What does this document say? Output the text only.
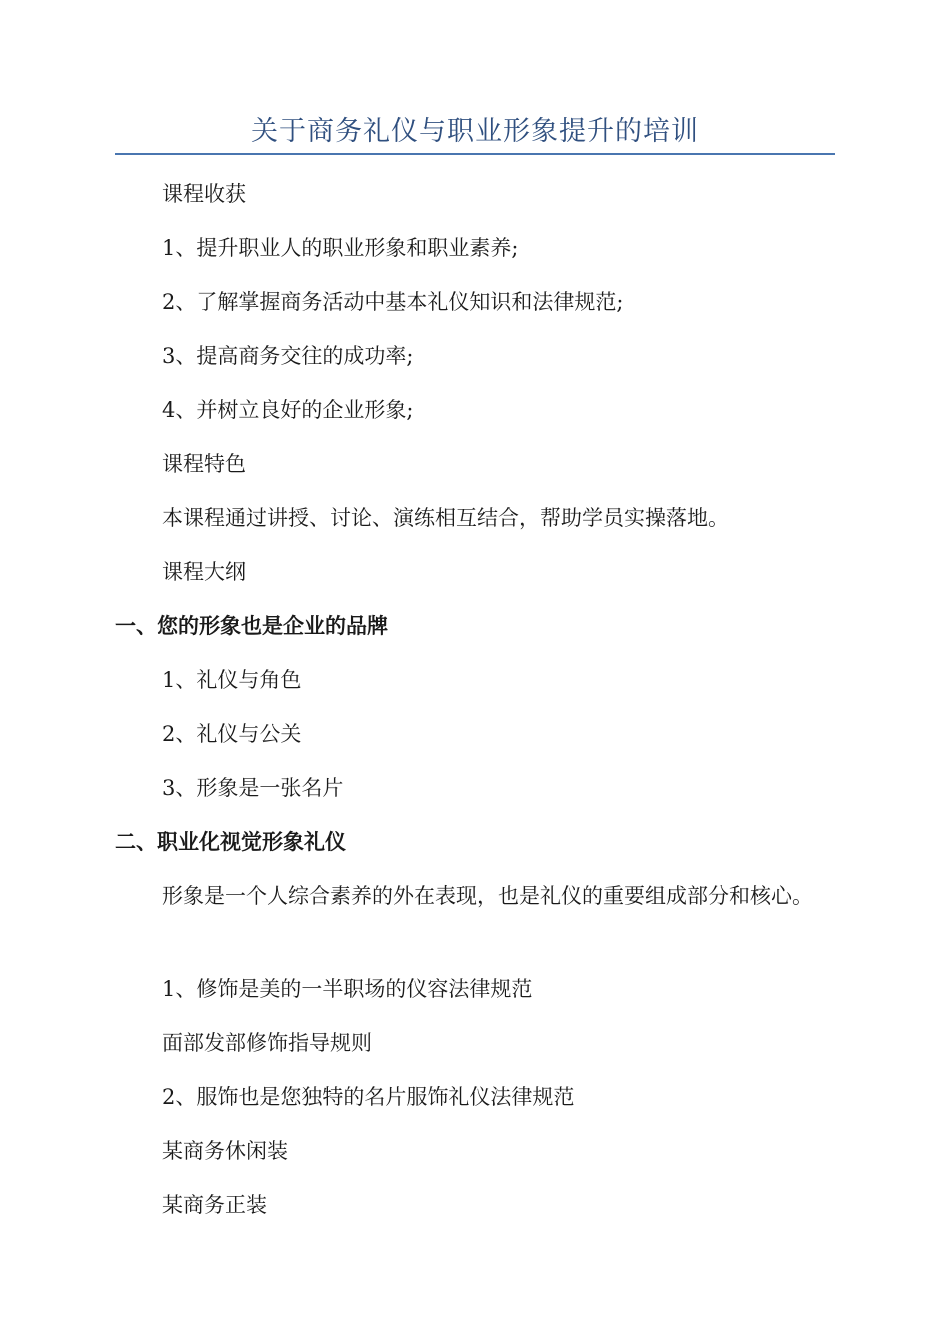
关于商务礼仪与职业形象提升的培训
课程收获
1、提升职业人的职业形象和职业素养;
2、了解掌握商务活动中基本礼仪知识和法律规范;
3、提高商务交往的成功率;
4、并树立良好的企业形象;
课程特色
本课程通过讲授、讨论、演练相互结合，帮助学员实操落地。
课程大纲
一、您的形象也是企业的品牌
1、礼仪与角色
2、礼仪与公关
3、形象是一张名片
二、职业化视觉形象礼仪
形象是一个人综合素养的外在表现，也是礼仪的重要组成部分和核心。
1、修饰是美的一半职场的仪容法律规范
面部发部修饰指导规则
2、服饰也是您独特的名片服饰礼仪法律规范
某商务休闲装
某商务正装
